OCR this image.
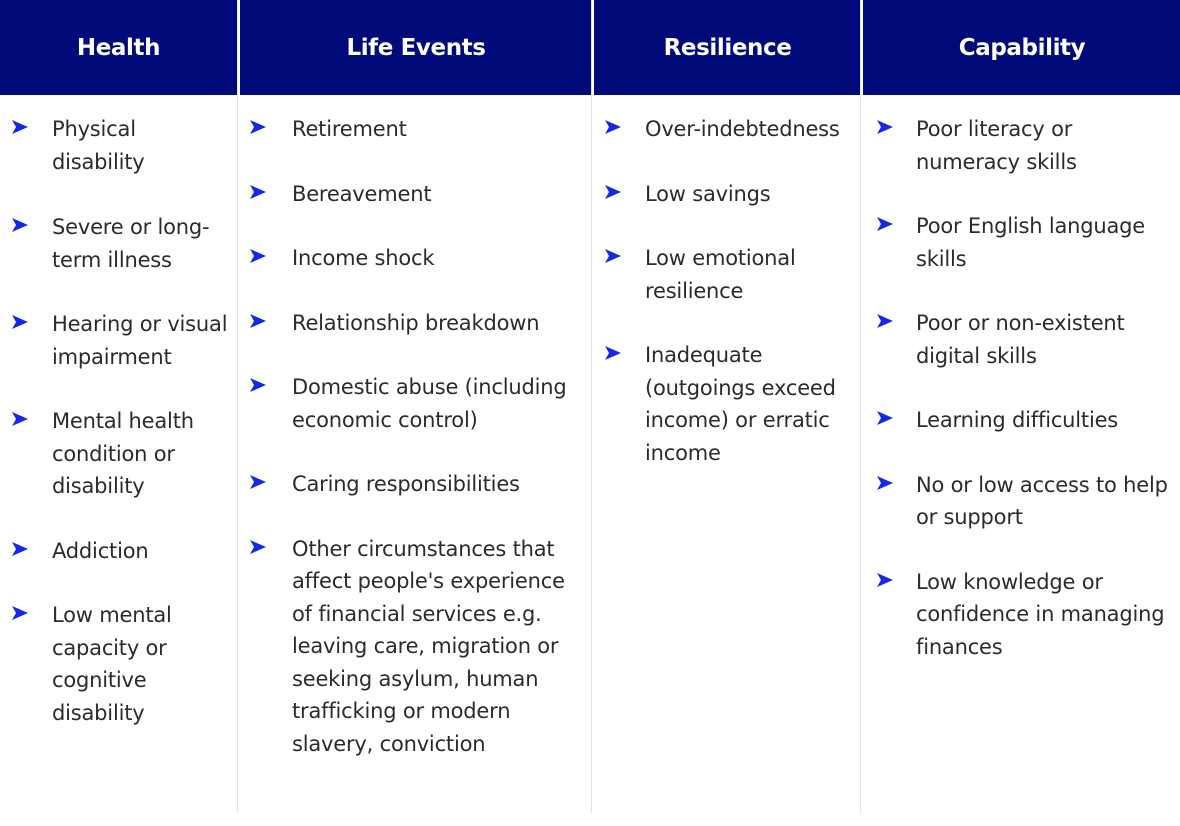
Health
Physical disability
Severe or long-term illness
Hearing or visual impairment
Mental health condition or disability
Addiction
Low mental capacity or cognitive disability
Life Events
Retirement
Bereavement
Income shock
Relationship breakdown
Domestic abuse (including economic control)
Caring responsibilities
Other circumstances that affect people's experience of financial services e.g. leaving care, migration or seeking asylum, human trafficking or modern slavery, conviction
Resilience
Over-indebtedness
Low savings
Low emotional resilience
Inadequate (outgoings exceed income) or erratic income
Capability
Poor literacy or numeracy skills
Poor English language skills
Poor or non-existent digital skills
Learning difficulties
No or low access to help or support
Low knowledge or confidence in managing finances
